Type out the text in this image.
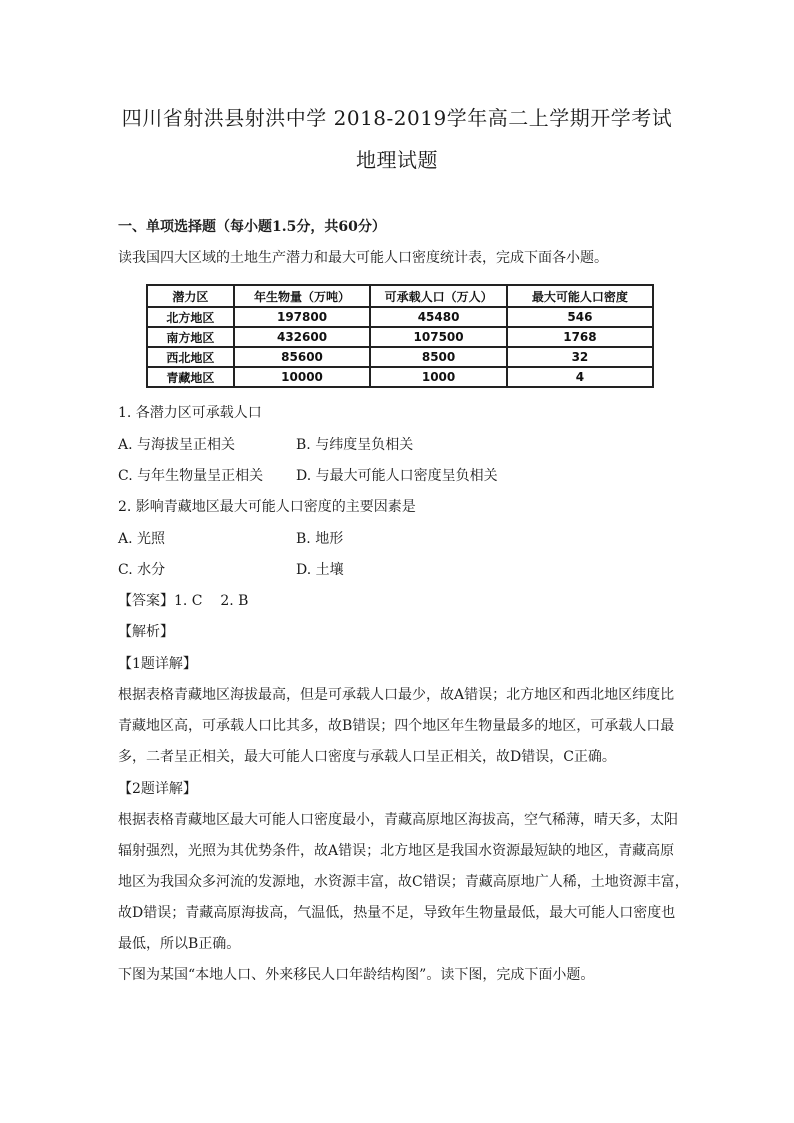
四川省射洪县射洪中学 2018-2019学年高二上学期开学考试
地理试题
一、单项选择题（每小题1.5分，共60分）
读我国四大区域的土地生产潜力和最大可能人口密度统计表，完成下面各小题。
潜力区	年生物量（万吨）	可承载人口（万人）	最大可能人口密度
北方地区	197800	45480	546
南方地区	432600	107500	1768
西北地区	85600	8500	32
青藏地区	10000	1000	4
1. 各潜力区可承载人口
A. 与海拔呈正相关	B. 与纬度呈负相关
C. 与年生物量呈正相关 D. 与最大可能人口密度呈负相关
2. 影响青藏地区最大可能人口密度的主要因素是
A. 光照	B. 地形
C. 水分	D. 土壤
【答案】1. C    2. B
【解析】
【1题详解】
根据表格青藏地区海拔最高，但是可承载人口最少，故A错误；北方地区和西北地区纬度比
青藏地区高，可承载人口比其多，故B错误；四个地区年生物量最多的地区，可承载人口最
多，二者呈正相关，最大可能人口密度与承载人口呈正相关，故D错误，C正确。
【2题详解】
根据表格青藏地区最大可能人口密度最小，青藏高原地区海拔高，空气稀薄，晴天多，太阳
辐射强烈，光照为其优势条件，故A错误；北方地区是我国水资源最短缺的地区，青藏高原
地区为我国众多河流的发源地，水资源丰富，故C错误；青藏高原地广人稀，土地资源丰富，
故D错误；青藏高原海拔高，气温低，热量不足，导致年生物量最低，最大可能人口密度也
最低，所以B正确。
下图为某国“本地人口、外来移民人口年龄结构图”。读下图，完成下面小题。
